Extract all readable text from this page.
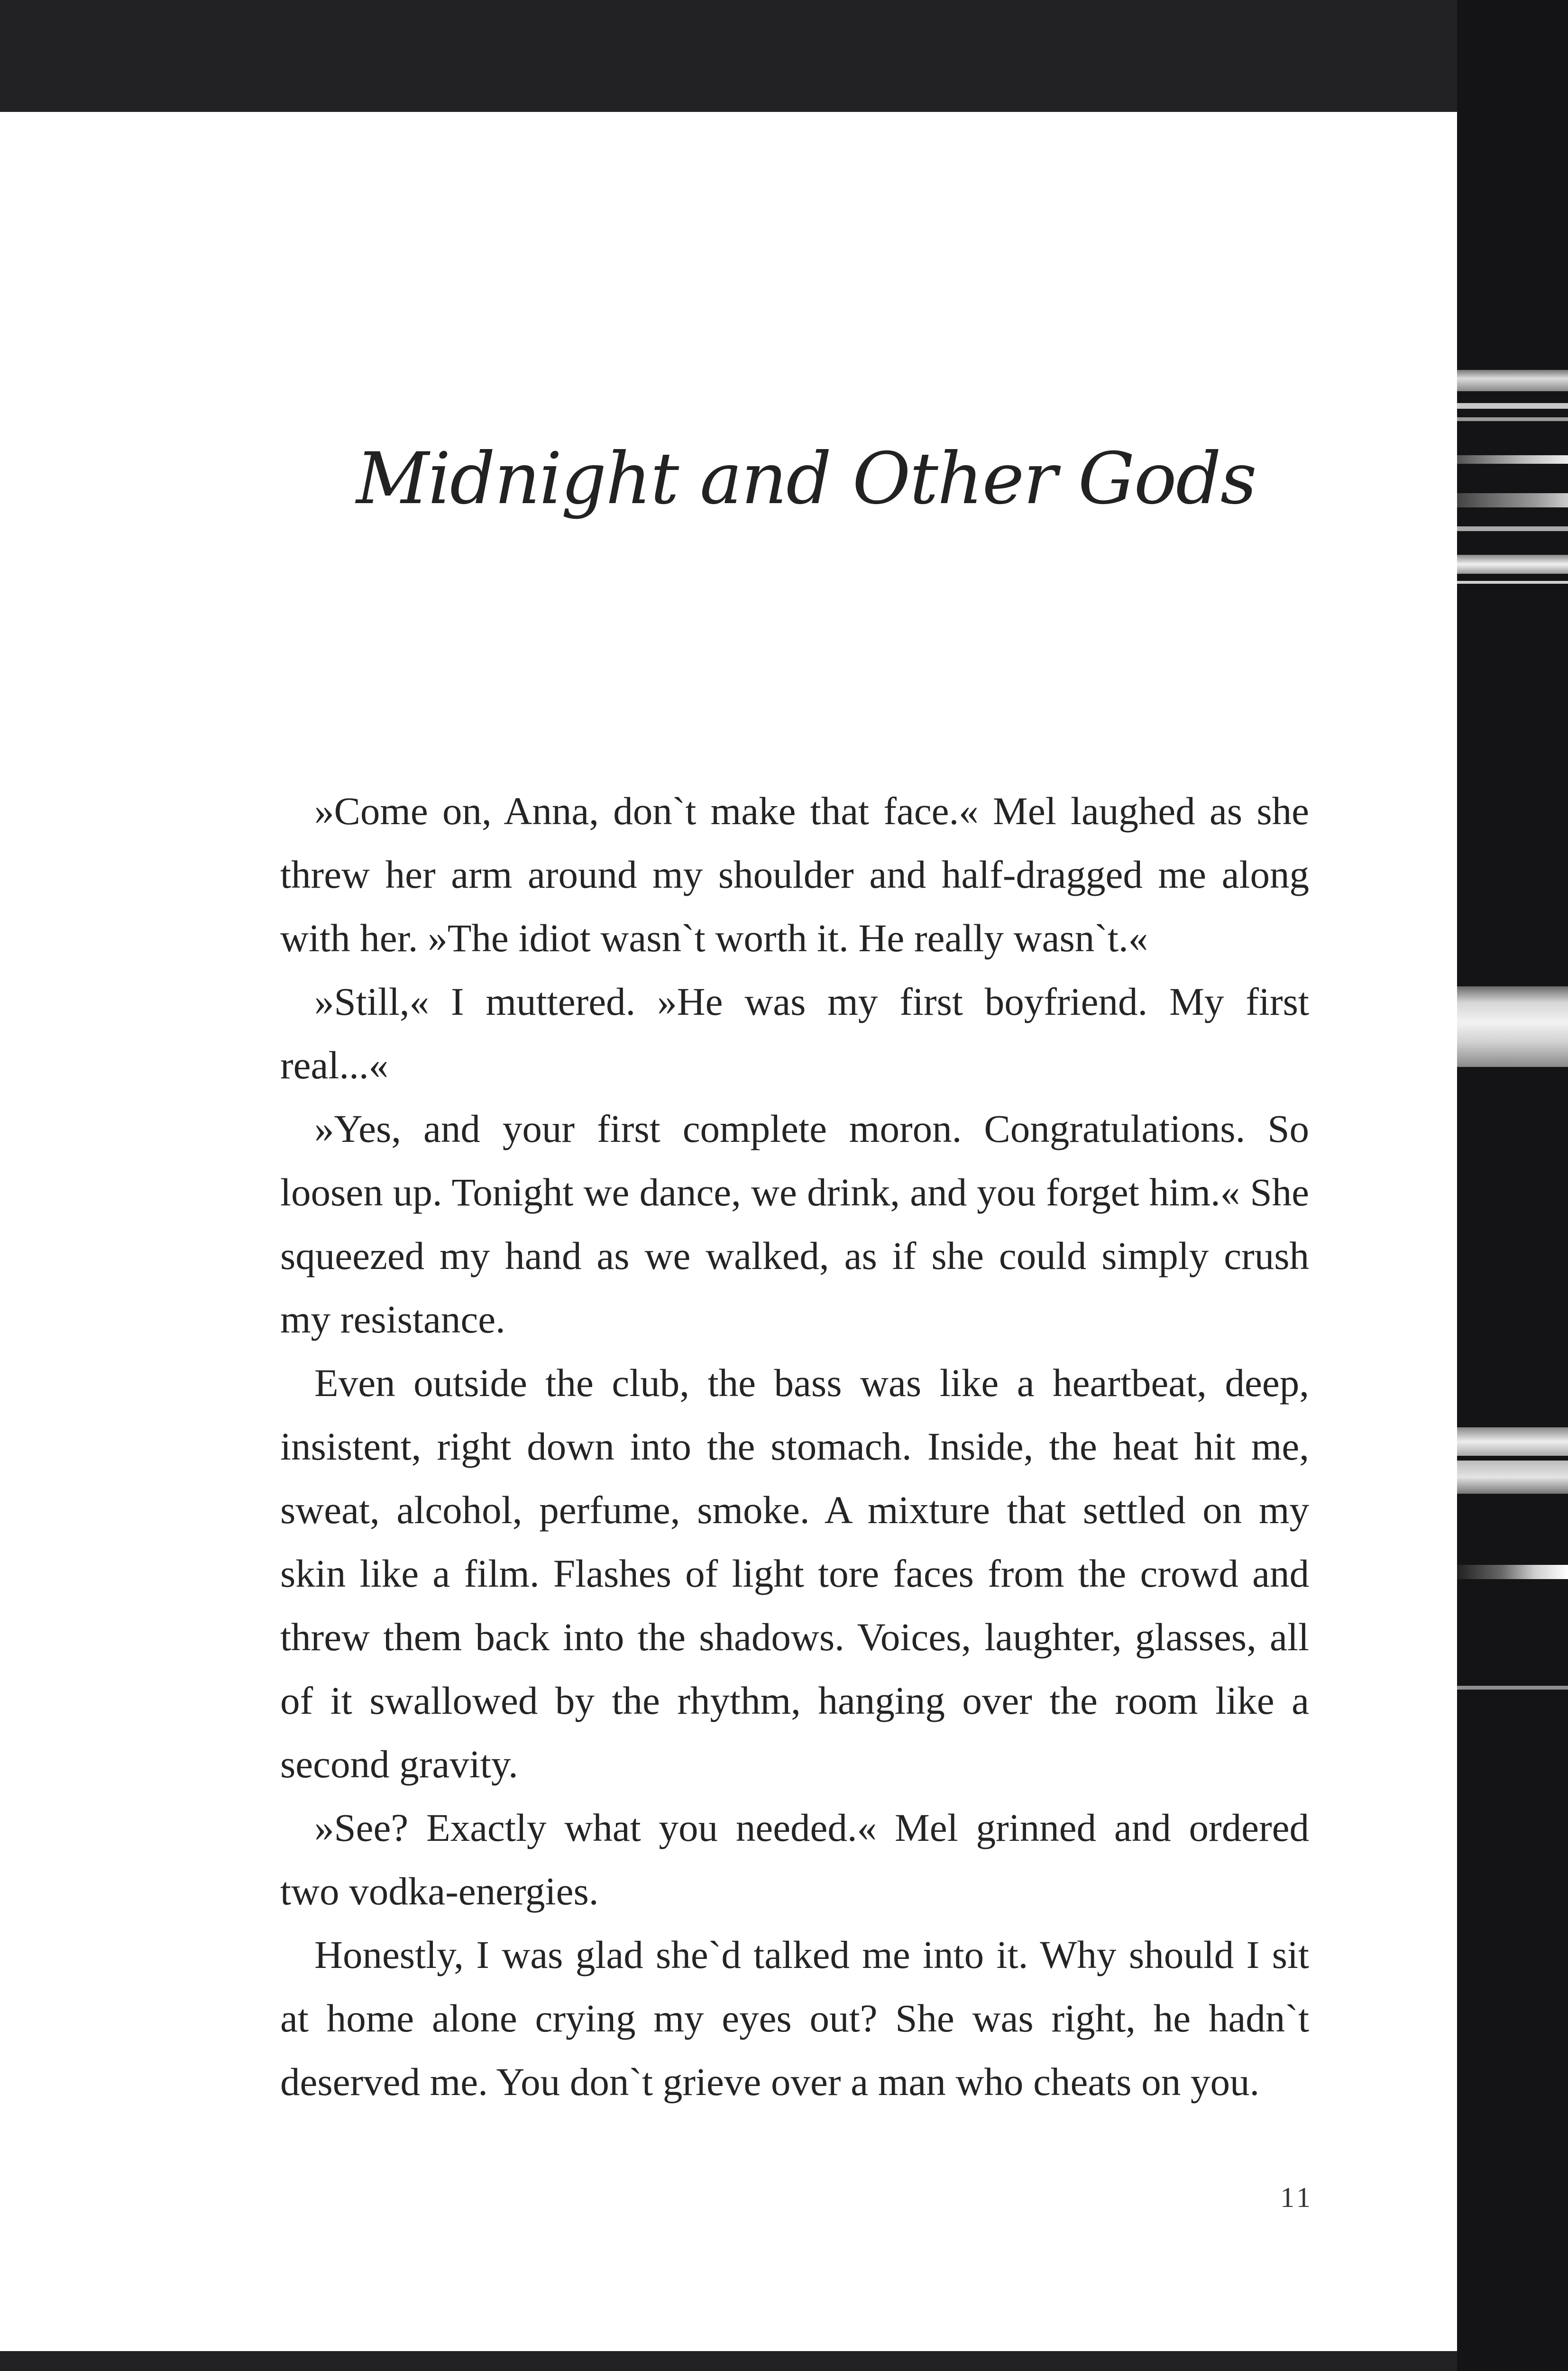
Midnight and Other Gods

»Come on, Anna, don`t make that face.« Mel laughed as she threw her arm around my shoulder and half-dragged me along with her. »The idiot wasn`t worth it. He really wasn`t.«

»Still,« I muttered. »He was my first boyfriend. My first real...«

»Yes, and your first complete moron. Congratulations. So loosen up. Tonight we dance, we drink, and you forget him.« She squeezed my hand as we walked, as if she could simply crush my resistance.

Even outside the club, the bass was like a heartbeat, deep, insistent, right down into the stomach. Inside, the heat hit me, sweat, alcohol, perfume, smoke. A mixture that settled on my skin like a film. Flashes of light tore faces from the crowd and threw them back into the shadows. Voices, laughter, glasses, all of it swallowed by the rhythm, hanging over the room like a second gravity.

»See? Exactly what you needed.« Mel grinned and ordered two vodka-energies.

Honestly, I was glad she`d talked me into it. Why should I sit at home alone crying my eyes out? She was right, he hadn`t deserved me. You don`t grieve over a man who cheats on you.

11
